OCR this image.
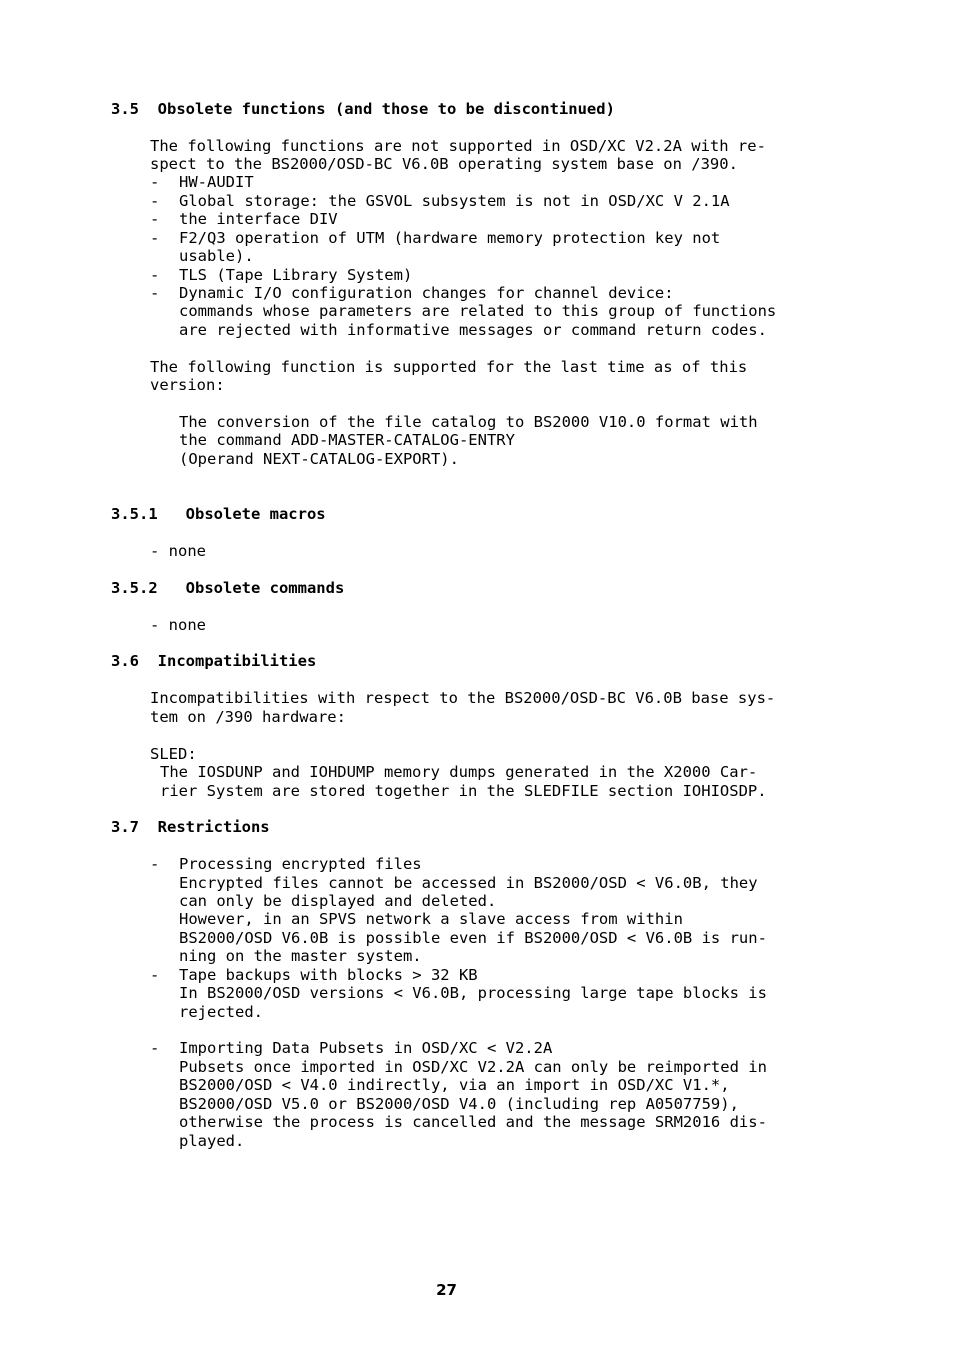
3.5  Obsolete functions (and those to be discontinued)
The following functions are not supported in OSD/XC V2.2A with re-
spect to the BS2000/OSD-BC V6.0B operating system base on /390.
- HW-AUDIT
- Global storage: the GSVOL subsystem is not in OSD/XC V 2.1A
- the interface DIV
- F2/Q3 operation of UTM (hardware memory protection key not
usable).
- TLS (Tape Library System)
- Dynamic I/O configuration changes for channel device:
commands whose parameters are related to this group of functions
are rejected with informative messages or command return codes.
The following function is supported for the last time as of this
version:
The conversion of the file catalog to BS2000 V10.0 format with
the command ADD-MASTER-CATALOG-ENTRY
(Operand NEXT-CATALOG-EXPORT).
3.5.1   Obsolete macros
- none
3.5.2   Obsolete commands
- none
3.6  Incompatibilities
Incompatibilities with respect to the BS2000/OSD-BC V6.0B base sys-
tem on /390 hardware:
SLED:
The IOSDUNP and IOHDUMP memory dumps generated in the X2000 Car-
rier System are stored together in the SLEDFILE section IOHIOSDP.
3.7  Restrictions
- Processing encrypted files
Encrypted files cannot be accessed in BS2000/OSD < V6.0B, they
can only be displayed and deleted.
However, in an SPVS network a slave access from within
BS2000/OSD V6.0B is possible even if BS2000/OSD < V6.0B is run-
ning on the master system.
- Tape backups with blocks > 32 KB
In BS2000/OSD versions < V6.0B, processing large tape blocks is
rejected.
- Importing Data Pubsets in OSD/XC < V2.2A
Pubsets once imported in OSD/XC V2.2A can only be reimported in
BS2000/OSD < V4.0 indirectly, via an import in OSD/XC V1.*,
BS2000/OSD V5.0 or BS2000/OSD V4.0 (including rep A0507759),
otherwise the process is cancelled and the message SRM2016 dis-
played.
27
